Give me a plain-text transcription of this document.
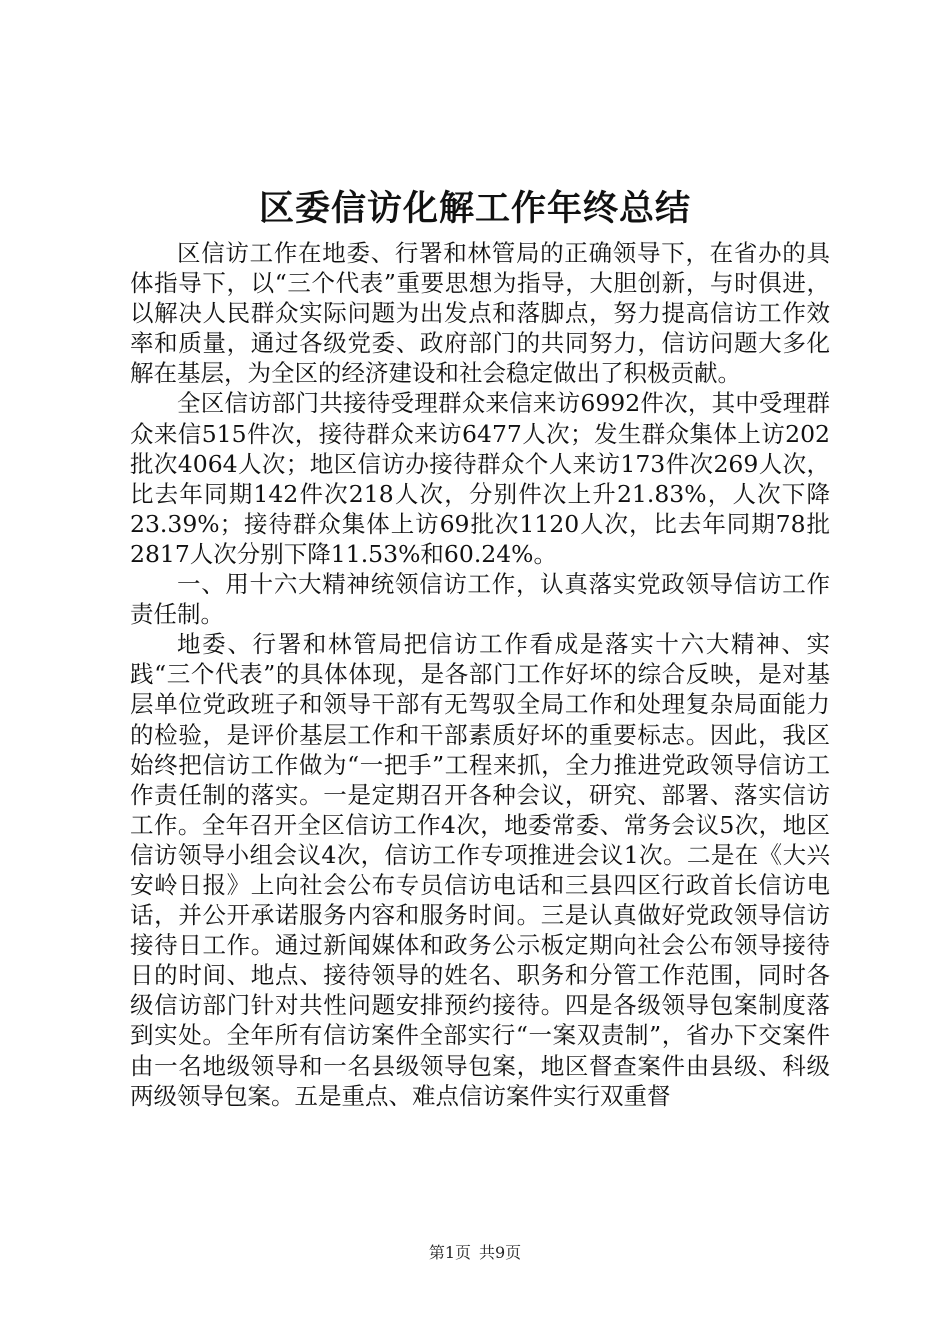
区委信访化解工作年终总结

区信访工作在地委、行署和林管局的正确领导下，在省办的具体指导下，以“三个代表”重要思想为指导，大胆创新，与时俱进，以解决人民群众实际问题为出发点和落脚点，努力提高信访工作效率和质量，通过各级党委、政府部门的共同努力，信访问题大多化解在基层，为全区的经济建设和社会稳定做出了积极贡献。

全区信访部门共接待受理群众来信来访6992件次，其中受理群众来信515件次，接待群众来访6477人次；发生群众集体上访202批次4064人次；地区信访办接待群众个人来访173件次269人次，比去年同期142件次218人次，分别件次上升21.83%，人次下降23.39%；接待群众集体上访69批次1120人次，比去年同期78批2817人次分别下降11.53%和60.24%。

一、用十六大精神统领信访工作，认真落实党政领导信访工作责任制。

地委、行署和林管局把信访工作看成是落实十六大精神、实践“三个代表”的具体体现，是各部门工作好坏的综合反映，是对基层单位党政班子和领导干部有无驾驭全局工作和处理复杂局面能力的检验，是评价基层工作和干部素质好坏的重要标志。因此，我区始终把信访工作做为“一把手”工程来抓，全力推进党政领导信访工作责任制的落实。一是定期召开各种会议，研究、部署、落实信访工作。全年召开全区信访工作4次，地委常委、常务会议5次，地区信访领导小组会议4次，信访工作专项推进会议1次。二是在《大兴安岭日报》上向社会公布专员信访电话和三县四区行政首长信访电话，并公开承诺服务内容和服务时间。三是认真做好党政领导信访接待日工作。通过新闻媒体和政务公示板定期向社会公布领导接待日的时间、地点、接待领导的姓名、职务和分管工作范围，同时各级信访部门针对共性问题安排预约接待。四是各级领导包案制度落到实处。全年所有信访案件全部实行“一案双责制”，省办下交案件由一名地级领导和一名县级领导包案，地区督查案件由县级、科级两级领导包案。五是重点、难点信访案件实行双重督

第1页 共9页
